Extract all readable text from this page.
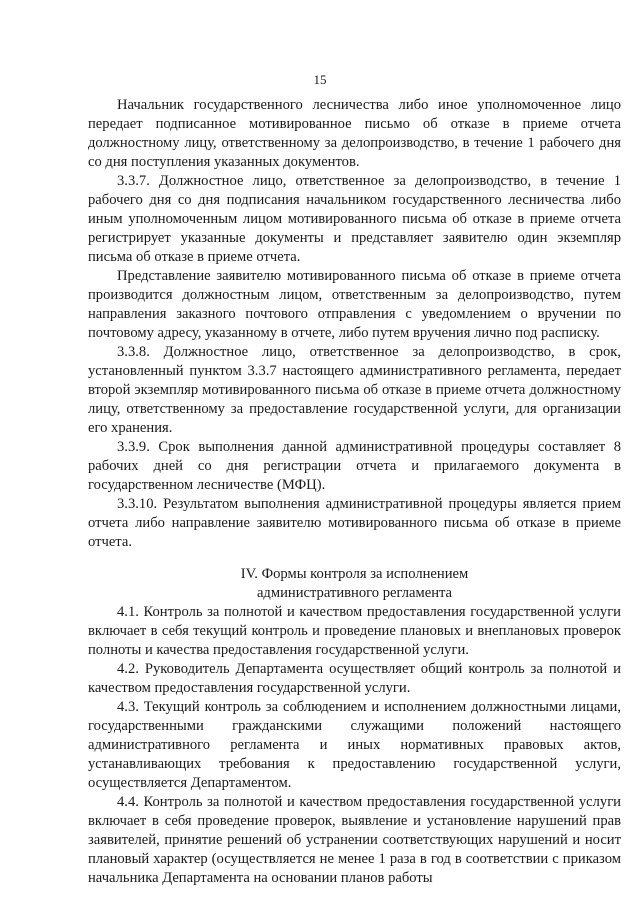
15

Начальник государственного лесничества либо иное уполномоченное лицо передает подписанное мотивированное письмо об отказе в приеме отчета должностному лицу, ответственному за делопроизводство, в течение 1 рабочего дня со дня поступления указанных документов.

3.3.7. Должностное лицо, ответственное за делопроизводство, в течение 1 рабочего дня со дня подписания начальником государственного лесничества либо иным уполномоченным лицом мотивированного письма об отказе в приеме отчета регистрирует указанные документы и представляет заявителю один экземпляр письма об отказе в приеме отчета.

Представление заявителю мотивированного письма об отказе в приеме отчета производится должностным лицом, ответственным за делопроизводство, путем направления заказного почтового отправления с уведомлением о вручении по почтовому адресу, указанному в отчете, либо путем вручения лично под расписку.

3.3.8. Должностное лицо, ответственное за делопроизводство, в срок, установленный пунктом 3.3.7 настоящего административного регламента, передает второй экземпляр мотивированного письма об отказе в приеме отчета должностному лицу, ответственному за предоставление государственной услуги, для организации его хранения.

3.3.9. Срок выполнения данной административной процедуры составляет 8 рабочих дней со дня регистрации отчета и прилагаемого документа в государственном лесничестве (МФЦ).

3.3.10. Результатом выполнения административной процедуры является прием отчета либо направление заявителю мотивированного письма об отказе в приеме отчета.

IV. Формы контроля за исполнением
административного регламента

4.1. Контроль за полнотой и качеством предоставления государственной услуги включает в себя текущий контроль и проведение плановых и внеплановых проверок полноты и качества предоставления государственной услуги.

4.2. Руководитель Департамента осуществляет общий контроль за полнотой и качеством предоставления государственной услуги.

4.3. Текущий контроль за соблюдением и исполнением должностными лицами, государственными гражданскими служащими положений настоящего административного регламента и иных нормативных правовых актов, устанавливающих требования к предоставлению государственной услуги, осуществляется Департаментом.

4.4. Контроль за полнотой и качеством предоставления государственной услуги включает в себя проведение проверок, выявление и установление нарушений прав заявителей, принятие решений об устранении соответствующих нарушений и носит плановый характер (осуществляется не менее 1 раза в год в соответствии с приказом начальника Департамента на основании планов работы
